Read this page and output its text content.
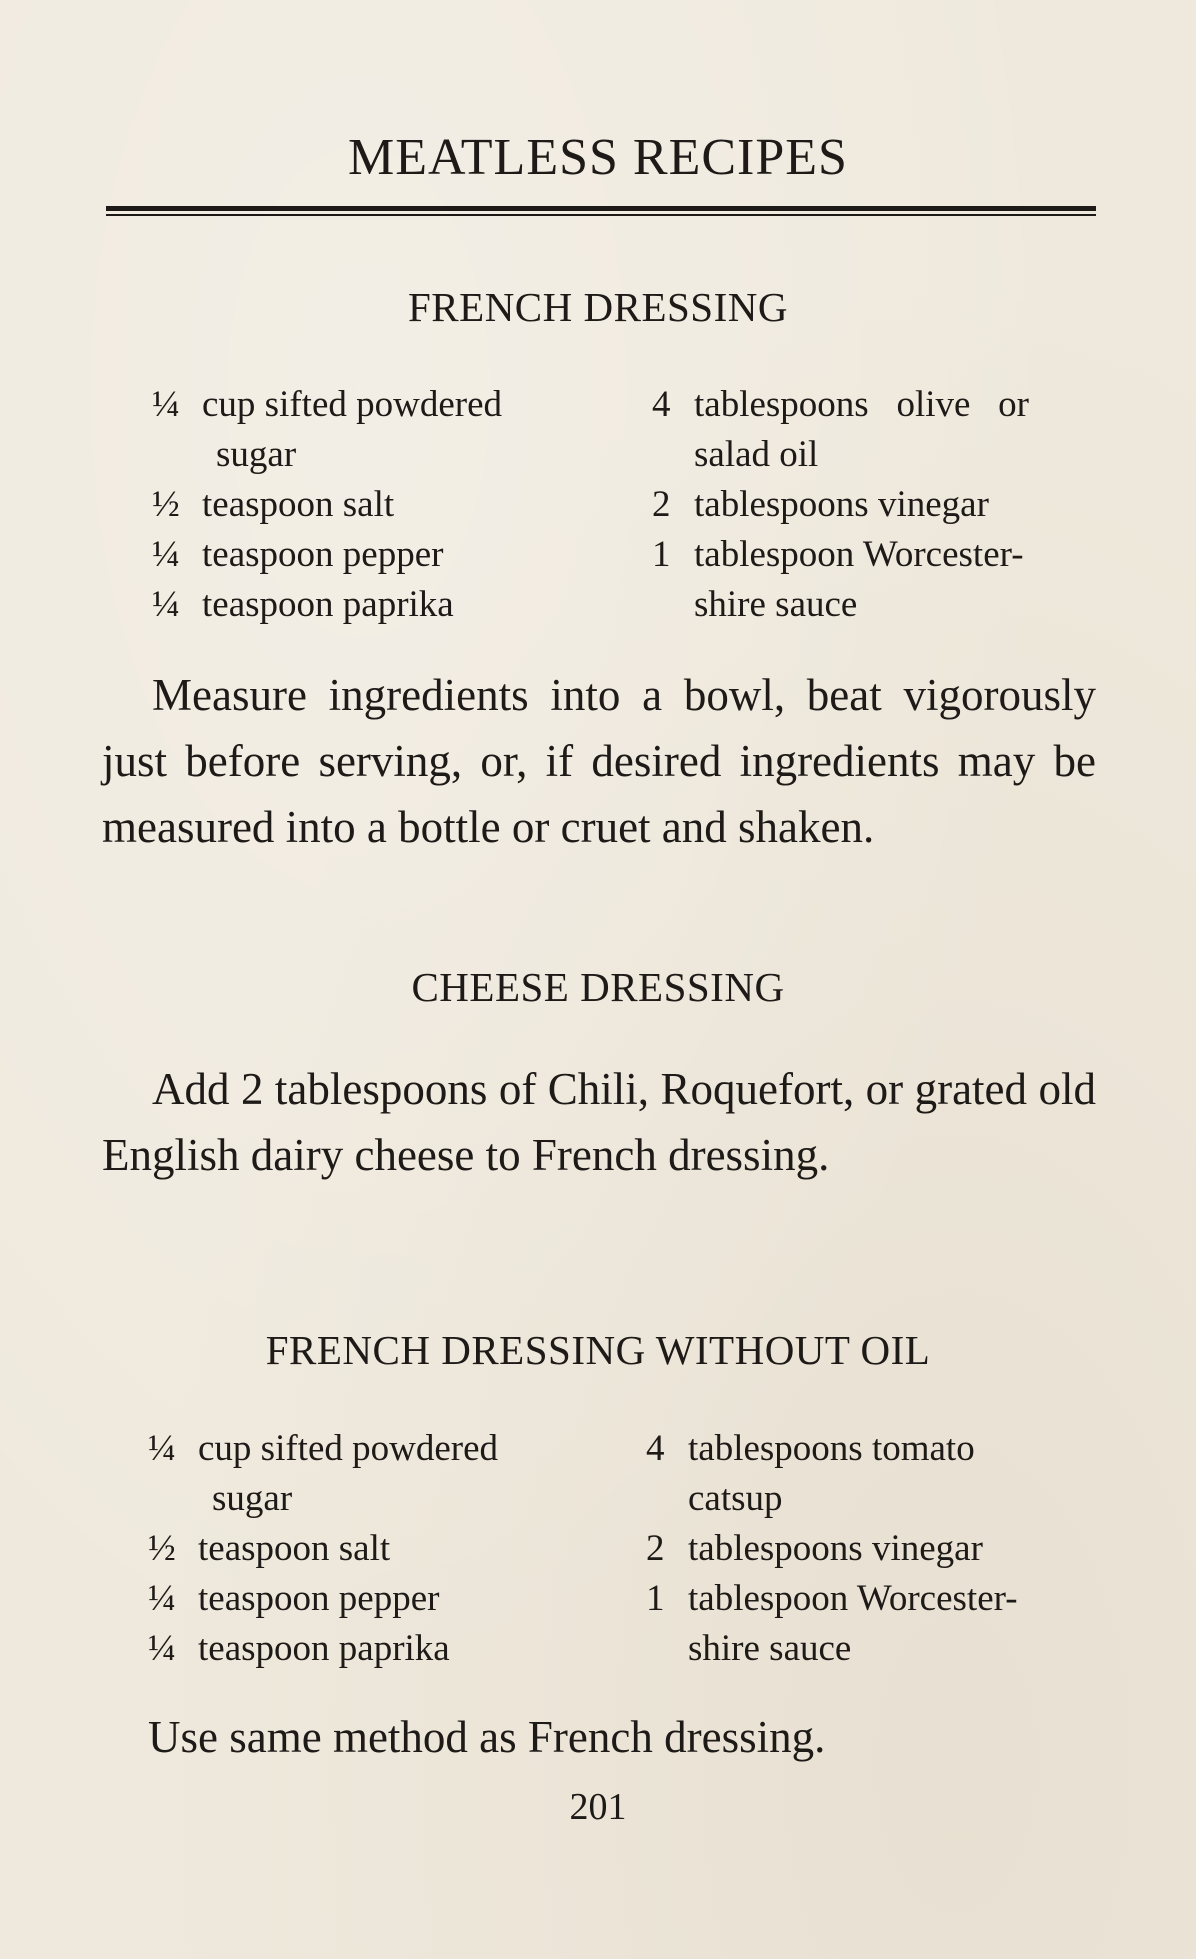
MEATLESS RECIPES
FRENCH DRESSING
¼ cup sifted powdered
sugar
½ teaspoon salt
¼ teaspoon pepper
¼ teaspoon paprika
4 tablespoons   olive   or
salad oil
2 tablespoons vinegar
1 tablespoon Worcester-
shire sauce
Measure ingredients into a bowl, beat vigorously just before serving, or, if desired ingredients may be measured into a bottle or cruet and shaken.
CHEESE DRESSING
Add 2 tablespoons of Chili, Roquefort, or grated old English dairy cheese to French dressing.
FRENCH DRESSING WITHOUT OIL
¼ cup sifted powdered
sugar
½ teaspoon salt
¼ teaspoon pepper
¼ teaspoon paprika
4 tablespoons tomato
catsup
2 tablespoons vinegar
1 tablespoon Worcester-
shire sauce
Use same method as French dressing.
201
